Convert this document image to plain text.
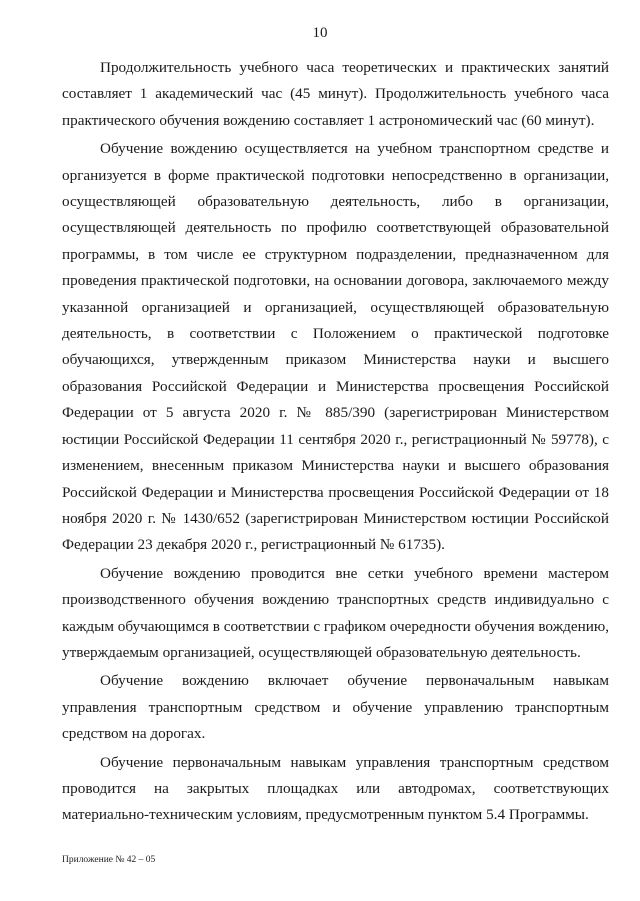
10

Продолжительность учебного часа теоретических и практических занятий составляет 1 академический час (45 минут). Продолжительность учебного часа практического обучения вождению составляет 1 астрономический час (60 минут).

Обучение вождению осуществляется на учебном транспортном средстве и организуется в форме практической подготовки непосредственно в организации, осуществляющей образовательную деятельность, либо в организации, осуществляющей деятельность по профилю соответствующей образовательной программы, в том числе ее структурном подразделении, предназначенном для проведения практической подготовки, на основании договора, заключаемого между указанной организацией и организацией, осуществляющей образовательную деятельность, в соответствии с Положением о практической подготовке обучающихся, утвержденным приказом Министерства науки и высшего образования Российской Федерации и Министерства просвещения Российской Федерации от 5 августа 2020 г. № 885/390 (зарегистрирован Министерством юстиции Российской Федерации 11 сентября 2020 г., регистрационный № 59778), с изменением, внесенным приказом Министерства науки и высшего образования Российской Федерации и Министерства просвещения Российской Федерации от 18 ноября 2020 г. № 1430/652 (зарегистрирован Министерством юстиции Российской Федерации 23 декабря 2020 г., регистрационный № 61735).

Обучение вождению проводится вне сетки учебного времени мастером производственного обучения вождению транспортных средств индивидуально с каждым обучающимся в соответствии с графиком очередности обучения вождению, утверждаемым организацией, осуществляющей образовательную деятельность.

Обучение вождению включает обучение первоначальным навыкам управления транспортным средством и обучение управлению транспортным средством на дорогах.

Обучение первоначальным навыкам управления транспортным средством проводится на закрытых площадках или автодромах, соответствующих материально-техническим условиям, предусмотренным пунктом 5.4 Программы.

Приложение № 42 – 05
